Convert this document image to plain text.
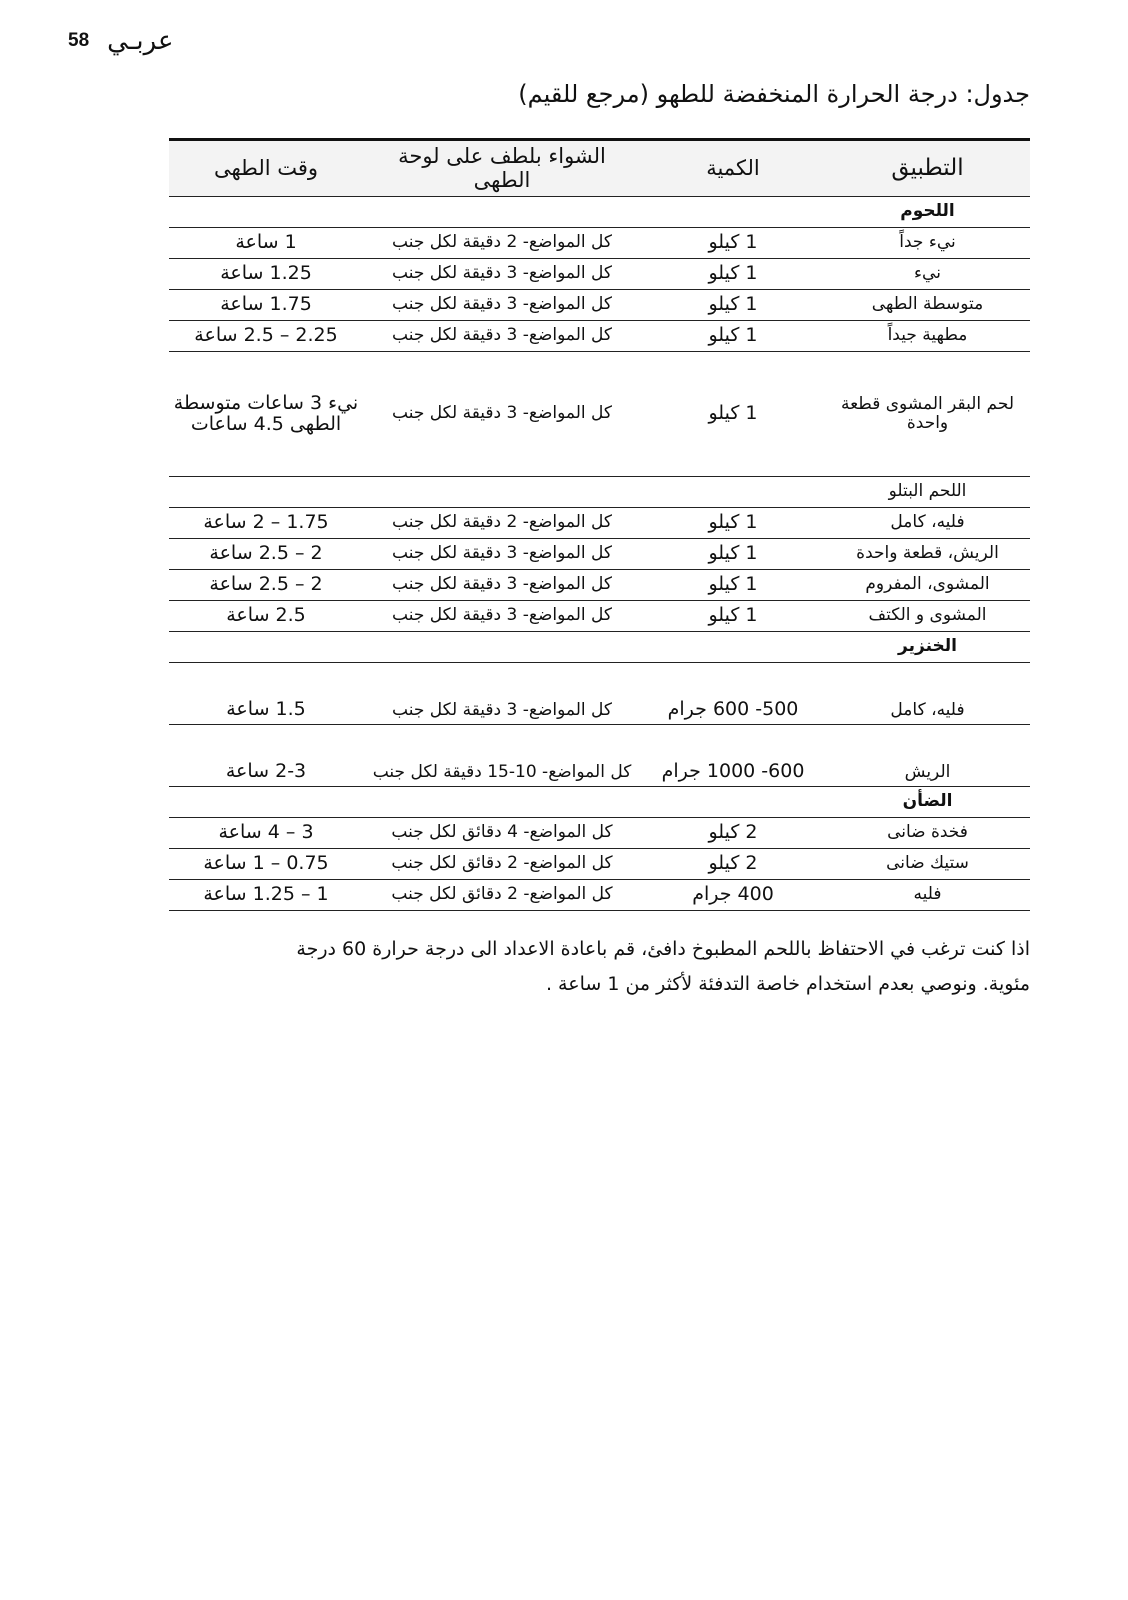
58 عربـي
جدول: درجة الحرارة المنخفضة للطهو (مرجع للقيم)
التطبيق	الكمية	الشواء بلطف على لوحة الطهى	وقت الطهى
اللحوم			
نيء جداً	1 كيلو	كل المواضع- 2 دقيقة لكل جنب	1 ساعة
نيء	1 كيلو	كل المواضع- 3 دقيقة لكل جنب	1.25 ساعة
متوسطة الطهى	1 كيلو	كل المواضع- 3 دقيقة لكل جنب	1.75 ساعة
مطهية جيداً	1 كيلو	كل المواضع- 3 دقيقة لكل جنب	2.25 – 2.5 ساعة
لحم البقر المشوى قطعة واحدة	1 كيلو	كل المواضع- 3 دقيقة لكل جنب	نيء 3 ساعات متوسطة الطهى 4.5 ساعات
اللحم البتلو			
فليه، كامل	1 كيلو	كل المواضع- 2 دقيقة لكل جنب	1.75 – 2 ساعة
الريش، قطعة واحدة	1 كيلو	كل المواضع- 3 دقيقة لكل جنب	2 – 2.5 ساعة
المشوى، المفروم	1 كيلو	كل المواضع- 3 دقيقة لكل جنب	2 – 2.5 ساعة
المشوى و الكتف	1 كيلو	كل المواضع- 3 دقيقة لكل جنب	2.5 ساعة
الخنزير			
فليه، كامل	500- 600 جرام	كل المواضع- 3 دقيقة لكل جنب	1.5 ساعة
الريش	600- 1000 جرام	كل المواضع- 10-15 دقيقة لكل جنب	2-3 ساعة
الضأن			
فخدة ضانى	2 كيلو	كل المواضع- 4 دقائق لكل جنب	3 – 4 ساعة
ستيك ضانى	2 كيلو	كل المواضع- 2 دقائق لكل جنب	0.75 – 1 ساعة
فليه	400 جرام	كل المواضع- 2 دقائق لكل جنب	1 – 1.25 ساعة

اذا كنت ترغب في الاحتفاظ باللحم المطبوخ دافئ، قم باعادة الاعداد الى درجة حرارة 60 درجة

مئوية. ونوصي بعدم استخدام خاصة التدفئة لأكثر من 1 ساعة .
